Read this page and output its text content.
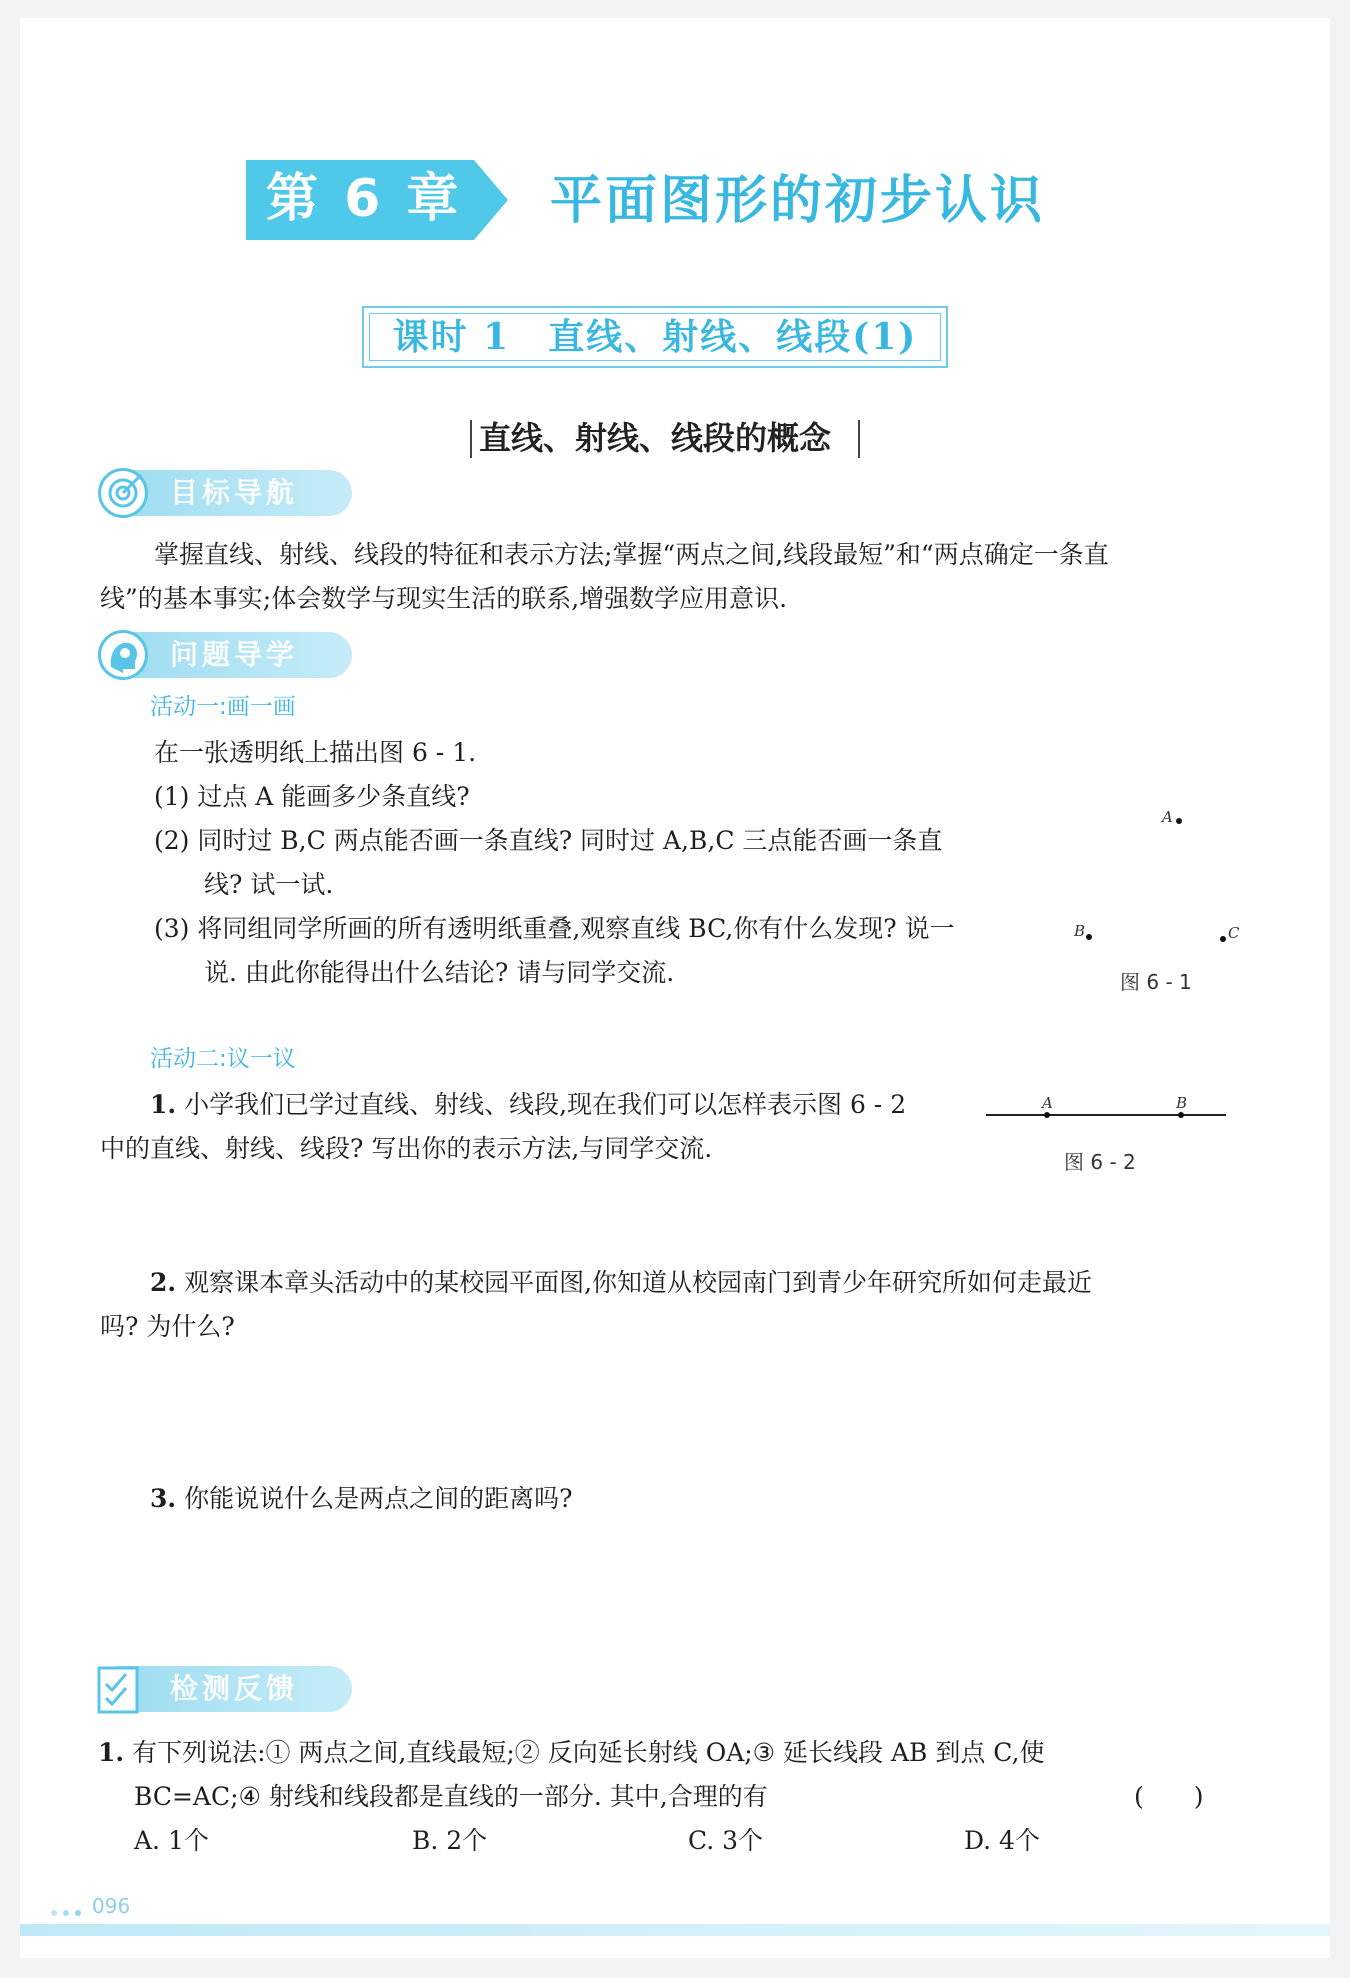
第 6 章 平面图形的初步认识
课时 1　直线、射线、线段(1)
直线、射线、线段的概念
目标导航
掌握直线、射线、线段的特征和表示方法;掌握“两点之间,线段最短”和“两点确定一条直
线”的基本事实;体会数学与现实生活的联系,增强数学应用意识.
问题导学
活动一:画一画
在一张透明纸上描出图 6 - 1.
(1) 过点 A 能画多少条直线?
(2) 同时过 B,C 两点能否画一条直线? 同时过 A,B,C 三点能否画一条直
线? 试一试.
(3) 将同组同学所画的所有透明纸重叠,观察直线 BC,你有什么发现? 说一
说. 由此你能得出什么结论? 请与同学交流.
A
B	C
图 6 - 1
活动二:议一议
1. 小学我们已学过直线、射线、线段,现在我们可以怎样表示图 6 - 2
中的直线、射线、线段? 写出你的表示方法,与同学交流.
A	B
图 6 - 2
2. 观察课本章头活动中的某校园平面图,你知道从校园南门到青少年研究所如何走最近
吗? 为什么?
3. 你能说说什么是两点之间的距离吗?
检测反馈
1. 有下列说法:① 两点之间,直线最短;② 反向延长射线 OA;③ 延长线段 AB 到点 C,使
BC=AC;④ 射线和线段都是直线的一部分. 其中,合理的有	(　　)
A. 1个	B. 2个	C. 3个	D. 4个
096
